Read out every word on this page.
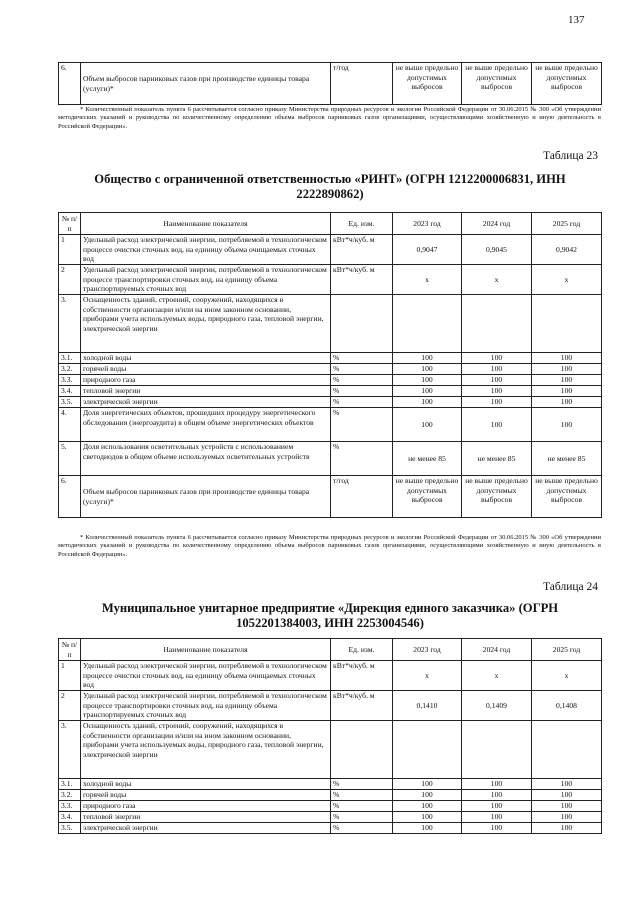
137
6.	Объем выбросов парниковых газов при производстве единицы товара (услуги)*	т/год	не выше предельно допустимых выбросов	не выше предельно допустимых выбросов	не выше предельно допустимых выбросов
* Количественный показатель пункта 6 рассчитывается согласно приказу Министерства природных ресурсов и экологии Российской Федерации от 30.06.2015 № 300 «Об утверждении методических указаний и руководства по количественному определению объема выбросов парниковых газов организациями, осуществляющими хозяйственную и иную деятельность в Российской Федерации».
Таблица 23
Общество с ограниченной ответственностью «РИНТ» (ОГРН 1212200006831, ИНН 2222890862)
№ п/п	Наименование показателя	Ед. изм.	2023 год	2024 год	2025 год
1	Удельный расход электрической энергии, потребляемой в технологическом процессе очистки сточных вод, на единицу объема очищаемых сточных вод	кВт*ч/куб. м	0,9047	0,9045	0,9042
2	Удельный расход электрической энергии, потребляемой в технологическом процессе транспортировки сточных вод, на единицу объема транспортируемых сточных вод	кВт*ч/куб. м	х	х	х
3.	Оснащенность зданий, строений, сооружений, находящихся в собственности организации и/или на ином законном основании, приборами учета используемых воды, природного газа, тепловой энергии, электрической энергии				
3.1.	холодной воды	%	100	100	100
3.2.	горячей воды	%	100	100	100
3.3.	природного газа	%	100	100	100
3.4.	тепловой энергии	%	100	100	100
3.5.	электрической энергии	%	100	100	100
4.	Доля энергетических объектов, прошедших процедуру энергетического обследования (энергоаудита) в общем объеме энергетических объектов	%	100	100	100
5.	Доля использования осветительных устройств с использованием светодиодов в общем объеме используемых осветительных устройств	%	не менее 85	не менее 85	не менее 85
6.	Объем выбросов парниковых газов при производстве единицы товара (услуги)*	т/год	не выше предельно допустимых выбросов	не выше предельно допустимых выбросов	не выше предельно допустимых выбросов
* Количественный показатель пункта 6 рассчитывается согласно приказу Министерства природных ресурсов и экологии Российской Федерации от 30.06.2015 № 300 «Об утверждении методических указаний и руководства по количественному определению объема выбросов парниковых газов организациями, осуществляющими хозяйственную и иную деятельность в Российской Федерации».
Таблица 24
Муниципальное унитарное предприятие «Дирекция единого заказчика» (ОГРН 1052201384003, ИНН 2253004546)
№ п/п	Наименование показателя	Ед. изм.	2023 год	2024 год	2025 год
1	Удельный расход электрической энергии, потребляемой в технологическом процессе очистки сточных вод, на единицу объема очищаемых сточных вод	кВт*ч/куб. м	х	х	х
2	Удельный расход электрической энергии, потребляемой в технологическом процессе транспортировки сточных вод, на единицу объема транспортируемых сточных вод	кВт*ч/куб. м	0,1410	0,1409	0,1408
3.	Оснащенность зданий, строений, сооружений, находящихся в собственности организации и/или на ином законном основании, приборами учета используемых воды, природного газа, тепловой энергии, электрической энергии				
3.1.	холодной воды	%	100	100	100
3.2.	горячей воды	%	100	100	100
3.3.	природного газа	%	100	100	100
3.4.	тепловой энергии	%	100	100	100
3.5.	электрической энергии	%	100	100	100
